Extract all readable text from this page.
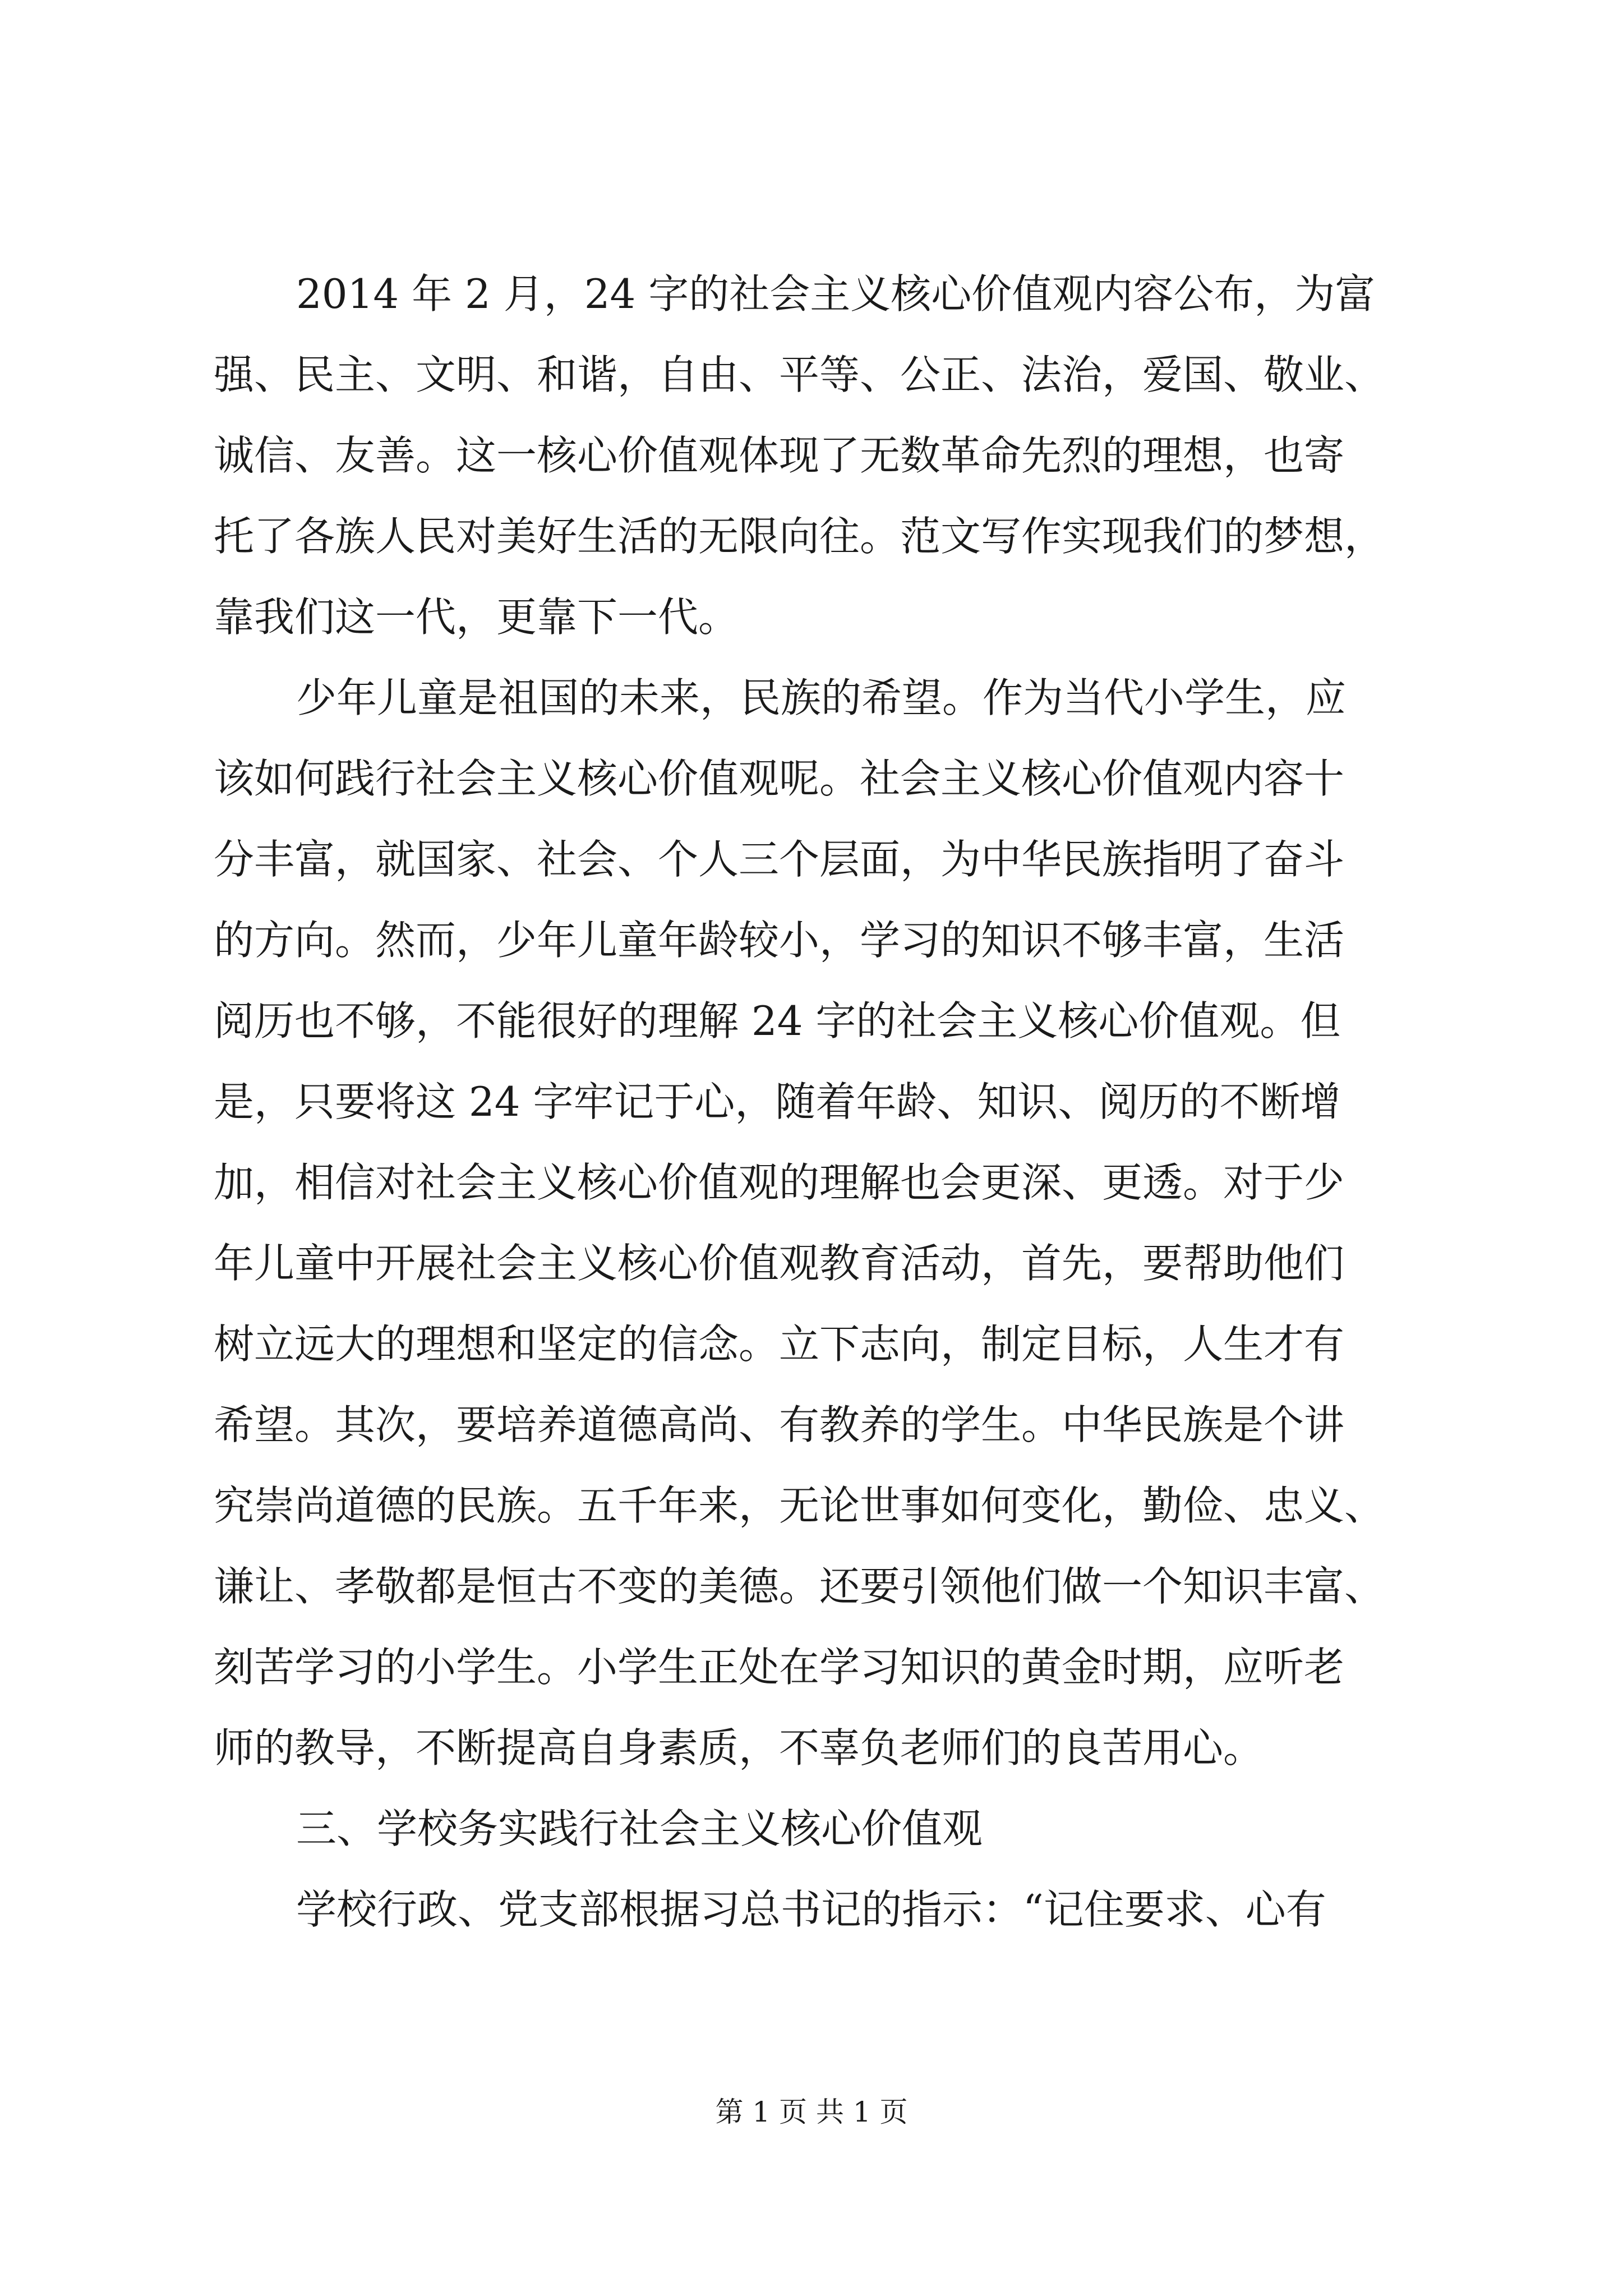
2014 年 2 月，24 字的社会主义核心价值观内容公布，为富

强、民主、文明、和谐，自由、平等、公正、法治，爱国、敬业、

诚信、友善。这一核心价值观体现了无数革命先烈的理想，也寄

托了各族人民对美好生活的无限向往。范文写作实现我们的梦想，

靠我们这一代，更靠下一代。

少年儿童是祖国的未来，民族的希望。作为当代小学生，应

该如何践行社会主义核心价值观呢。社会主义核心价值观内容十

分丰富，就国家、社会、个人三个层面，为中华民族指明了奋斗

的方向。然而，少年儿童年龄较小，学习的知识不够丰富，生活

阅历也不够，不能很好的理解 24 字的社会主义核心价值观。但

是，只要将这 24 字牢记于心，随着年龄、知识、阅历的不断增

加，相信对社会主义核心价值观的理解也会更深、更透。对于少

年儿童中开展社会主义核心价值观教育活动，首先，要帮助他们

树立远大的理想和坚定的信念。立下志向，制定目标，人生才有

希望。其次，要培养道德高尚、有教养的学生。中华民族是个讲

究崇尚道德的民族。五千年来，无论世事如何变化，勤俭、忠义、

谦让、孝敬都是恒古不变的美德。还要引领他们做一个知识丰富、

刻苦学习的小学生。小学生正处在学习知识的黄金时期，应听老

师的教导，不断提高自身素质，不辜负老师们的良苦用心。

三、学校务实践行社会主义核心价值观

学校行政、党支部根据习总书记的指示：“记住要求、心有

第 1 页 共 1 页
